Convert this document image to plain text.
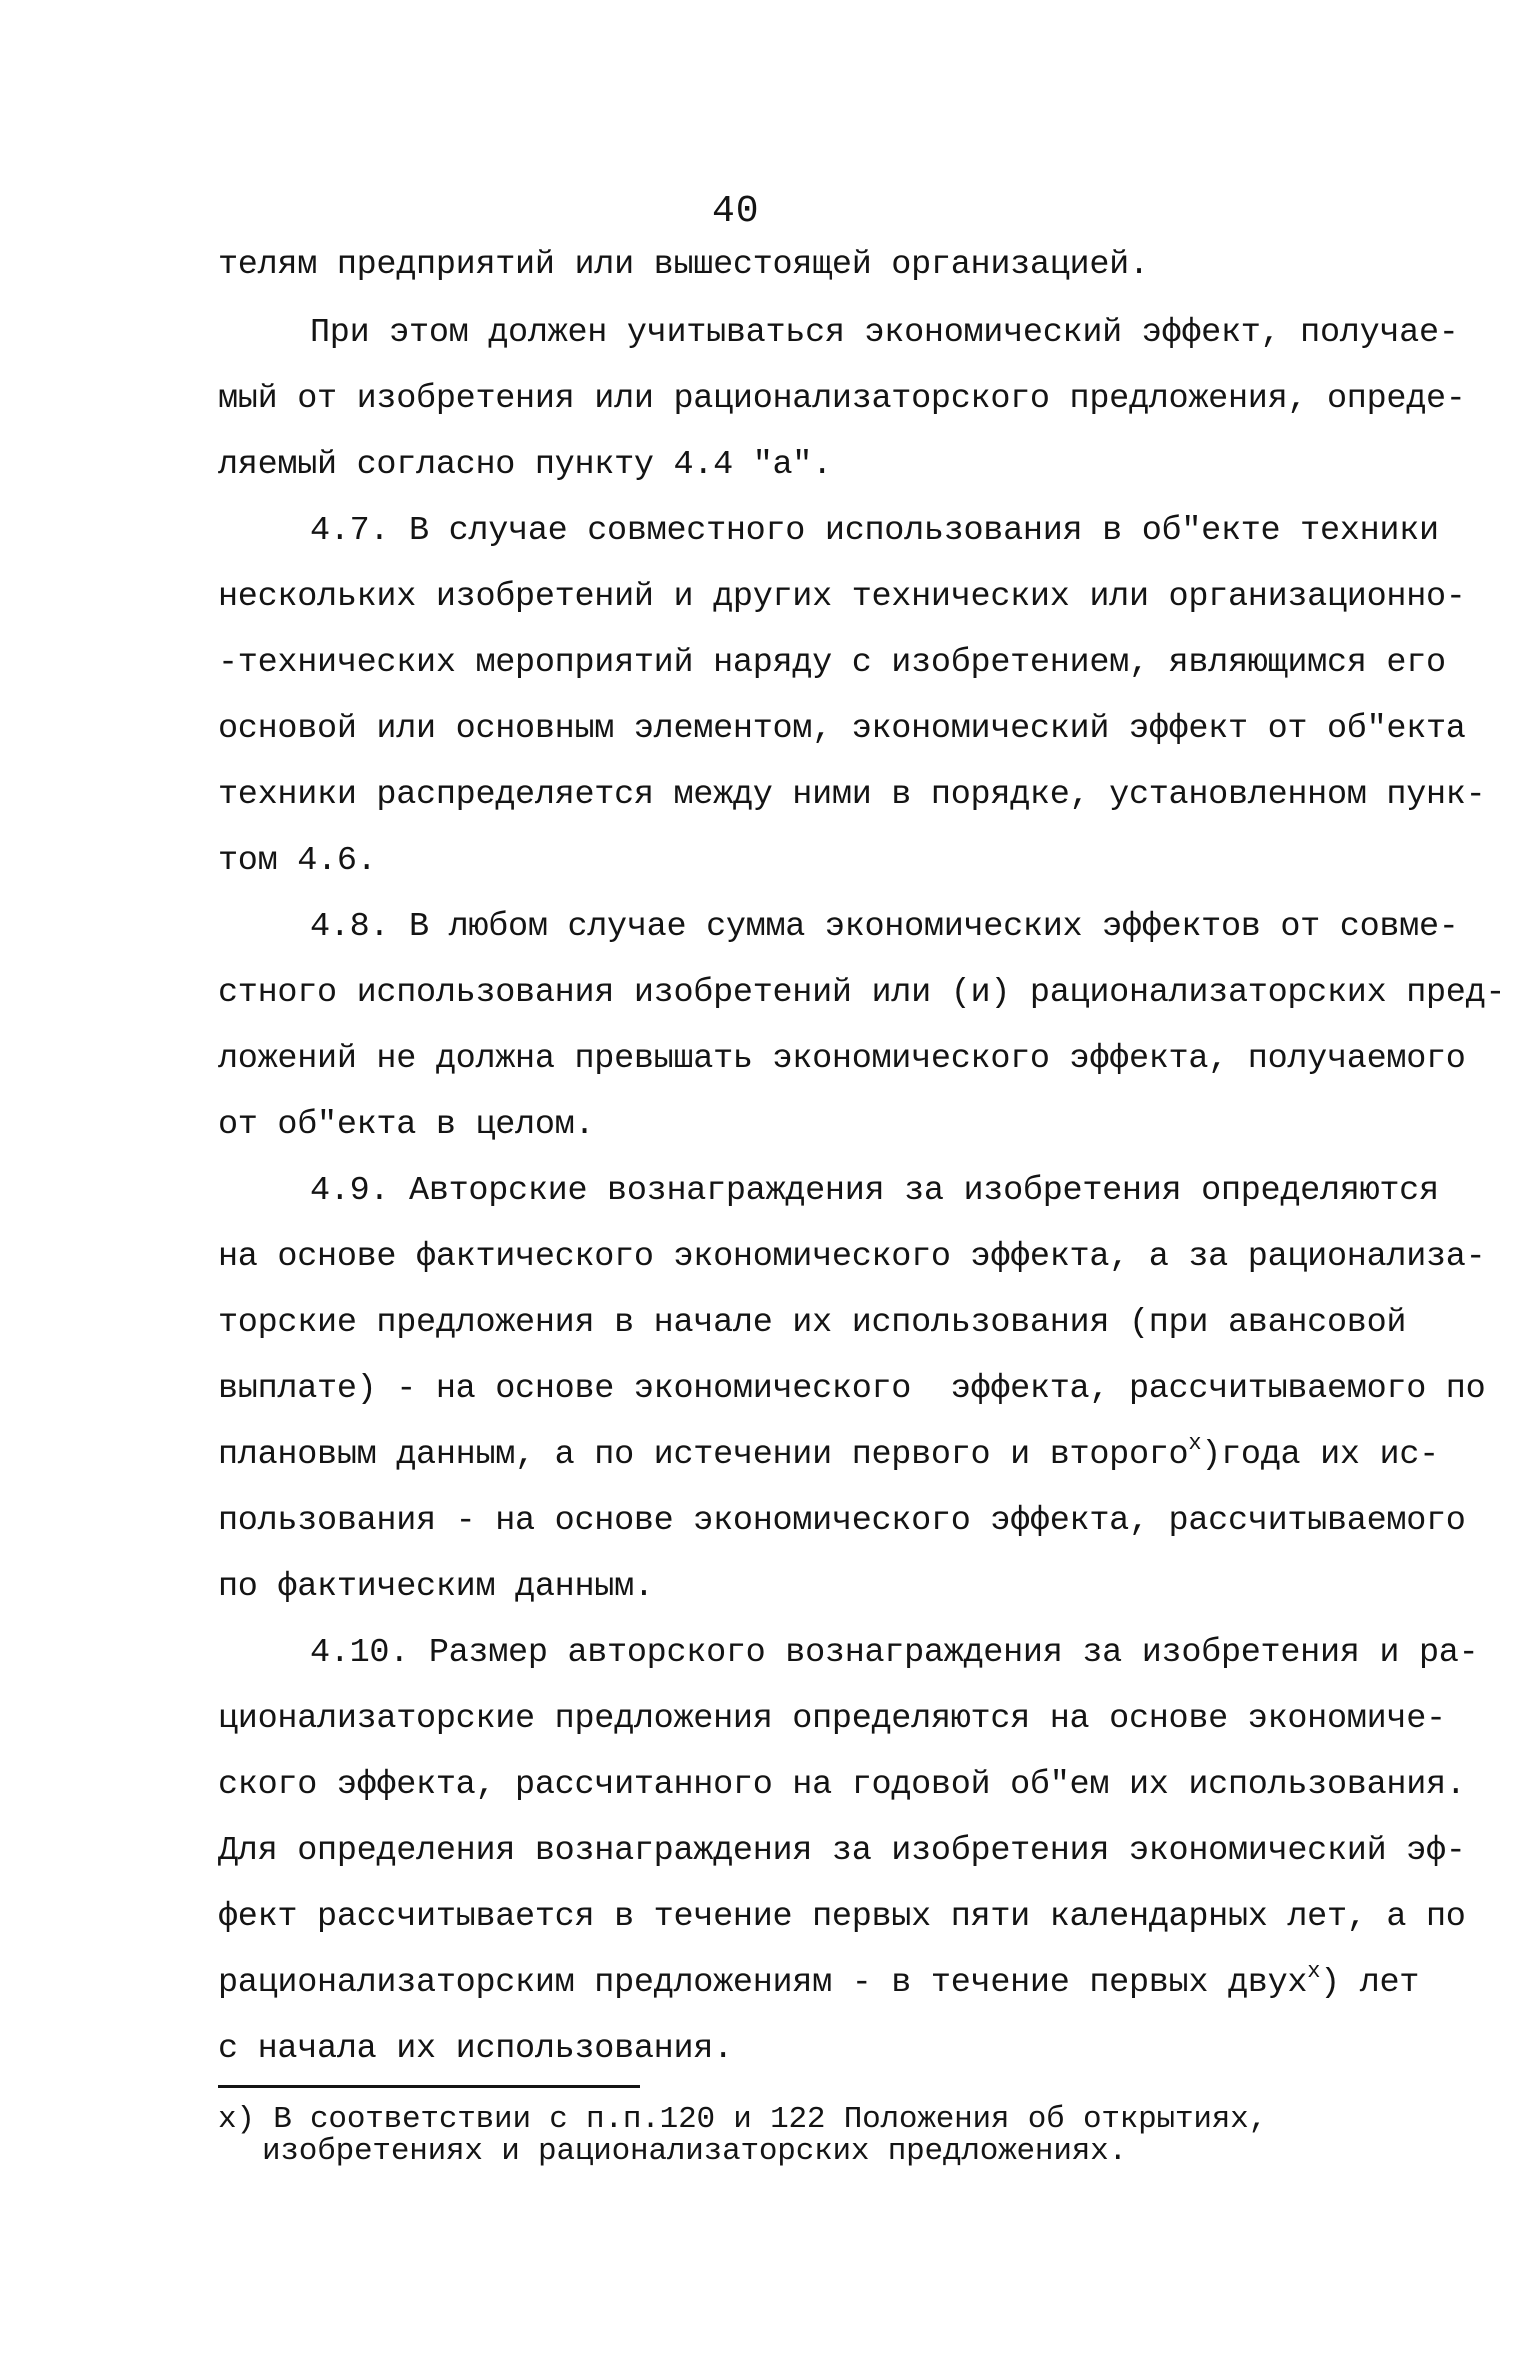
40
телям предприятий или вышестоящей организацией.
При этом должен учитываться экономический эффект, получае-
мый от изобретения или рационализаторского предложения, опреде-
ляемый согласно пункту 4.4 "а".
4.7. В случае совместного использования в об"екте техники
нескольких изобретений и других технических или организационно-
-технических мероприятий наряду с изобретением, являющимся его
основой или основным элементом, экономический эффект от об"екта
техники распределяется между ними в порядке, установленном пунк-
том 4.6.
4.8. В любом случае сумма экономических эффектов от совме-
стного использования изобретений или (и) рационализаторских пред-
ложений не должна превышать экономического эффекта, получаемого
от об"екта в целом.
4.9. Авторские вознаграждения за изобретения определяются
на основе фактического экономического эффекта, а за рационализа-
торские предложения в начале их использования (при авансовой
выплате) - на основе экономического  эффекта, рассчитываемого по
плановым данным, а по истечении первого и второго$^x$)года их ис-
пользования - на основе экономического эффекта, рассчитываемого
по фактическим данным.
4.10. Размер авторского вознаграждения за изобретения и ра-
ционализаторские предложения определяются на основе экономиче-
ского эффекта, рассчитанного на годовой об"ем их использования.
Для определения вознаграждения за изобретения экономический эф-
фект рассчитывается в течение первых пяти календарных лет, а по
рационализаторским предложениям - в течение первых двух$^x$) лет
с начала их использования.
x) В соответствии с п.п.120 и 122 Положения об открытиях,
изобретениях и рационализаторских предложениях.
